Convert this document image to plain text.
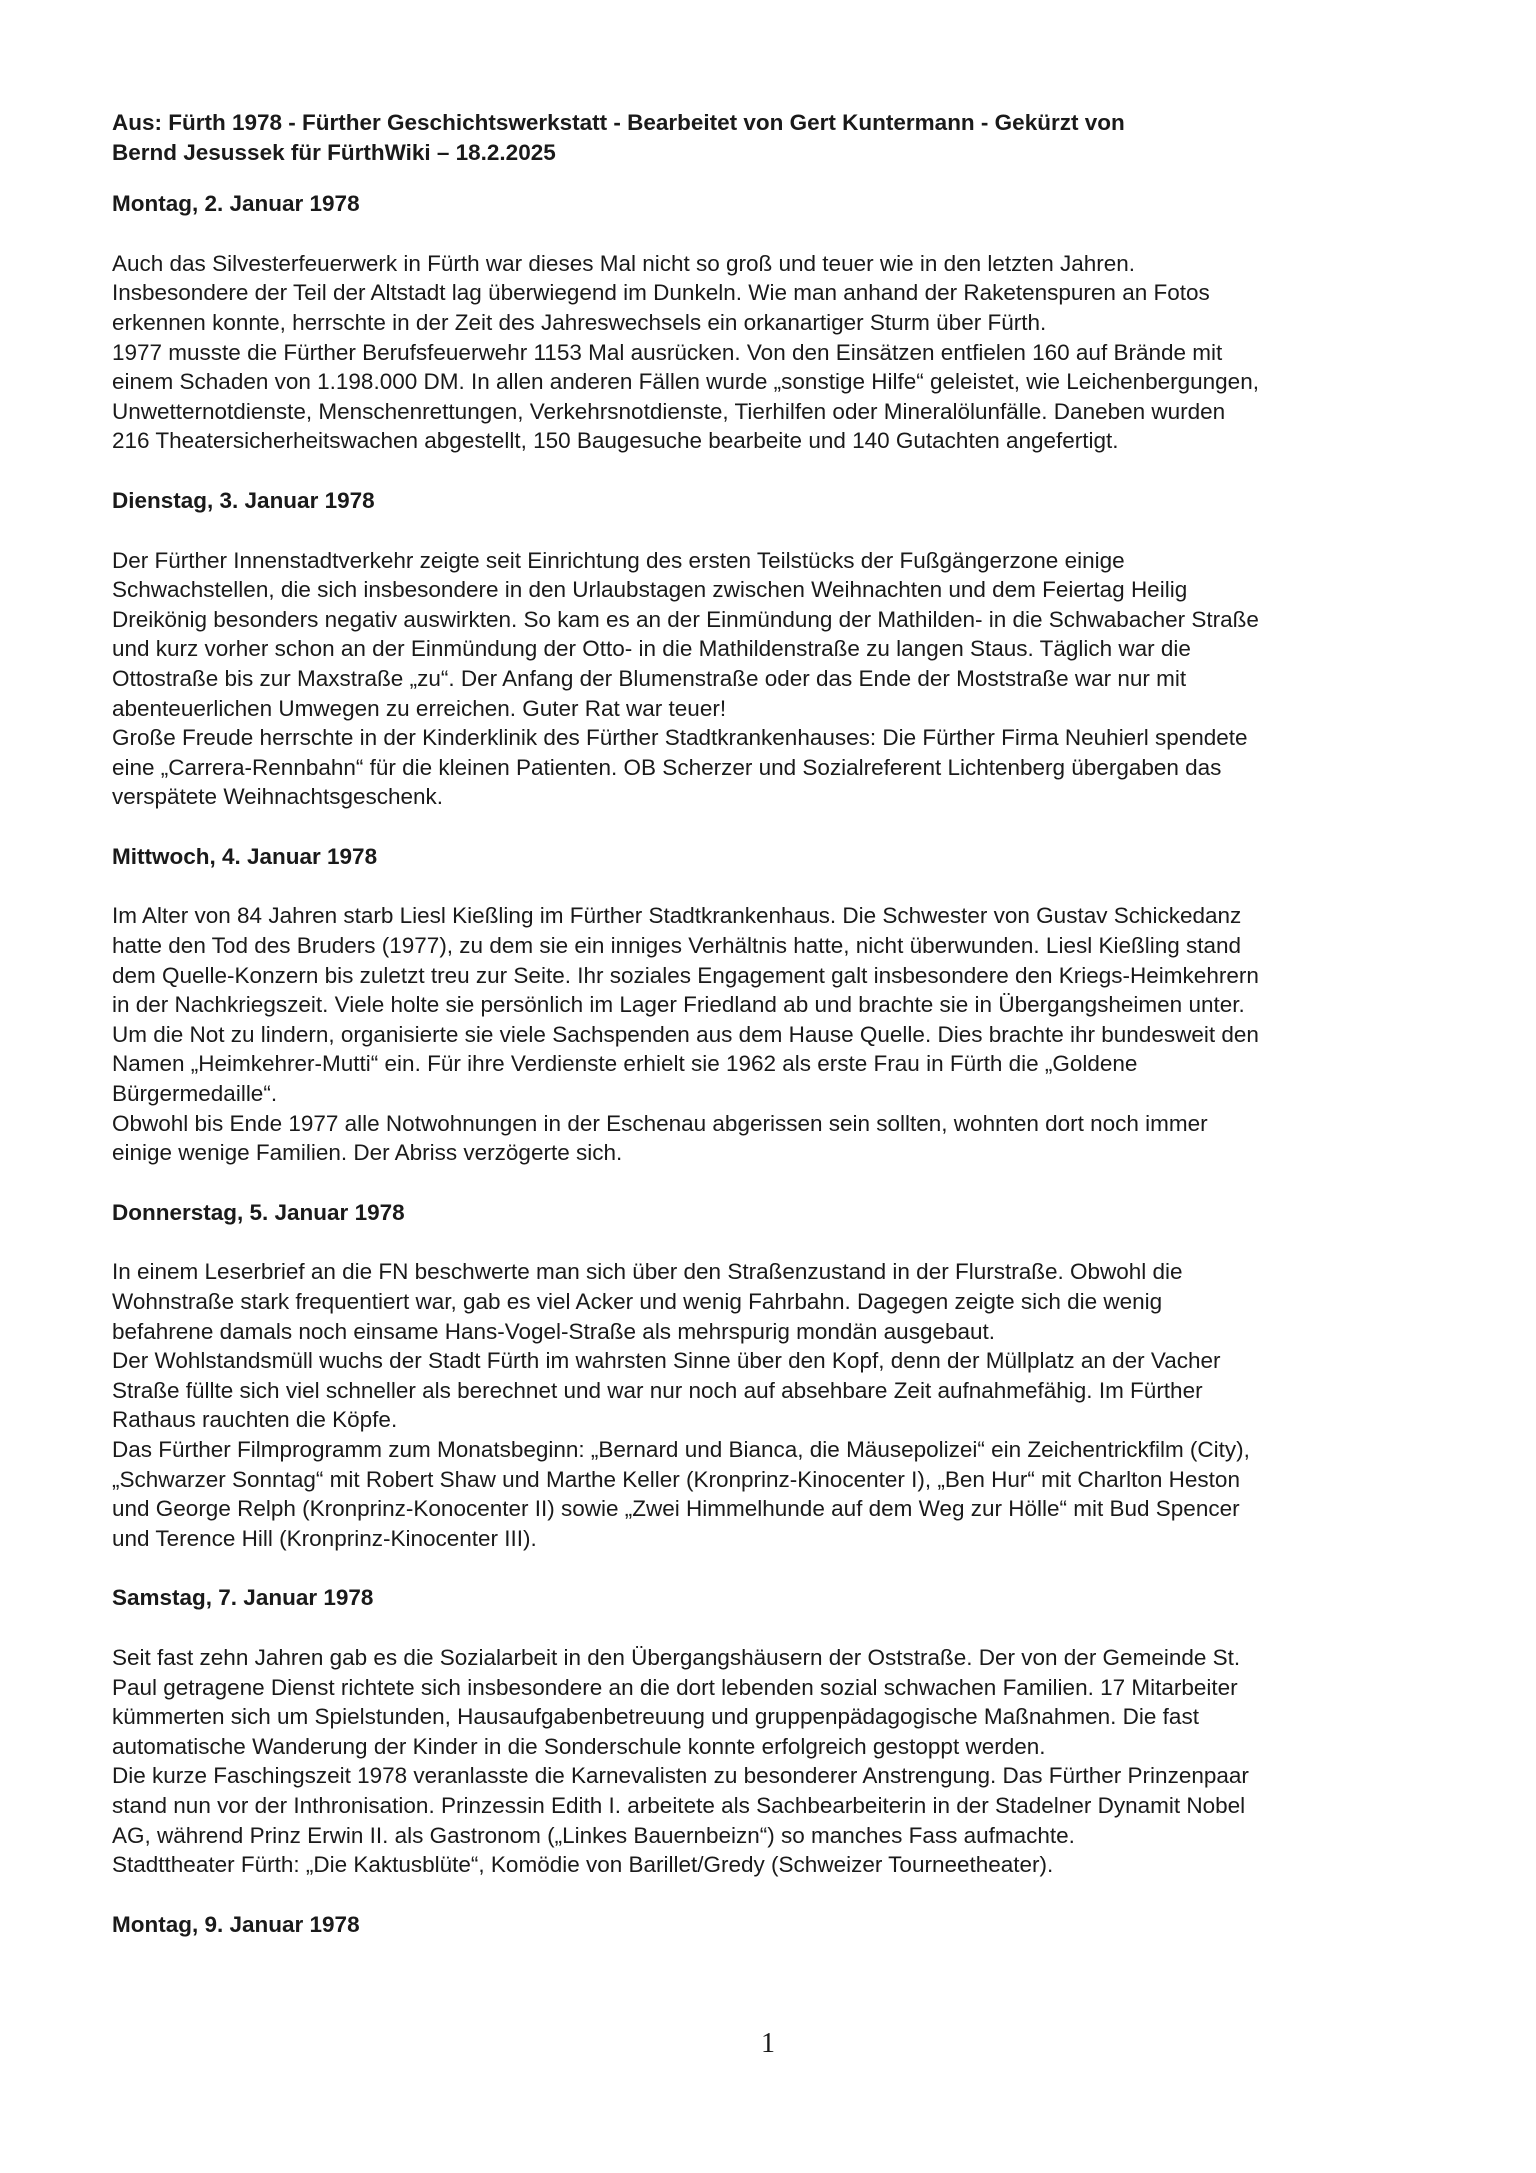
Aus: Fürth 1978 - Fürther Geschichtswerkstatt - Bearbeitet von Gert Kuntermann - Gekürzt von
Bernd Jesussek für FürthWiki – 18.2.2025
Montag, 2. Januar 1978
Auch das Silvesterfeuerwerk in Fürth war dieses Mal nicht so groß und teuer wie in den letzten Jahren.
Insbesondere der Teil der Altstadt lag überwiegend im Dunkeln. Wie man anhand der Raketenspuren an Fotos
erkennen konnte, herrschte in der Zeit des Jahreswechsels ein orkanartiger Sturm über Fürth.
1977 musste die Fürther Berufsfeuerwehr 1153 Mal ausrücken. Von den Einsätzen entfielen 160 auf Brände mit
einem Schaden von 1.198.000 DM. In allen anderen Fällen wurde „sonstige Hilfe“ geleistet, wie Leichenbergungen,
Unwetternotdienste, Menschenrettungen, Verkehrsnotdienste, Tierhilfen oder Mineralölunfälle. Daneben wurden
216 Theatersicherheitswachen abgestellt, 150 Baugesuche bearbeite und 140 Gutachten angefertigt.
Dienstag, 3. Januar 1978
Der Fürther Innenstadtverkehr zeigte seit Einrichtung des ersten Teilstücks der Fußgängerzone einige
Schwachstellen, die sich insbesondere in den Urlaubstagen zwischen Weihnachten und dem Feiertag Heilig
Dreikönig besonders negativ auswirkten. So kam es an der Einmündung der Mathilden- in die Schwabacher Straße
und kurz vorher schon an der Einmündung der Otto- in die Mathildenstraße zu langen Staus. Täglich war die
Ottostraße bis zur Maxstraße „zu“. Der Anfang der Blumenstraße oder das Ende der Moststraße war nur mit
abenteuerlichen Umwegen zu erreichen. Guter Rat war teuer!
Große Freude herrschte in der Kinderklinik des Fürther Stadtkrankenhauses: Die Fürther Firma Neuhierl spendete
eine „Carrera-Rennbahn“ für die kleinen Patienten. OB Scherzer und Sozialreferent Lichtenberg übergaben das
verspätete Weihnachtsgeschenk.
Mittwoch, 4. Januar 1978
Im Alter von 84 Jahren starb Liesl Kießling im Fürther Stadtkrankenhaus. Die Schwester von Gustav Schickedanz
hatte den Tod des Bruders (1977), zu dem sie ein inniges Verhältnis hatte, nicht überwunden. Liesl Kießling stand
dem Quelle-Konzern bis zuletzt treu zur Seite. Ihr soziales Engagement galt insbesondere den Kriegs-Heimkehrern
in der Nachkriegszeit. Viele holte sie persönlich im Lager Friedland ab und brachte sie in Übergangsheimen unter.
Um die Not zu lindern, organisierte sie viele Sachspenden aus dem Hause Quelle. Dies brachte ihr bundesweit den
Namen „Heimkehrer-Mutti“ ein. Für ihre Verdienste erhielt sie 1962 als erste Frau in Fürth die „Goldene
Bürgermedaille“.
Obwohl bis Ende 1977 alle Notwohnungen in der Eschenau abgerissen sein sollten, wohnten dort noch immer
einige wenige Familien. Der Abriss verzögerte sich.
Donnerstag, 5. Januar 1978
In einem Leserbrief an die FN beschwerte man sich über den Straßenzustand in der Flurstraße. Obwohl die
Wohnstraße stark frequentiert war, gab es viel Acker und wenig Fahrbahn. Dagegen zeigte sich die wenig
befahrene damals noch einsame Hans-Vogel-Straße als mehrspurig mondän ausgebaut.
Der Wohlstandsmüll wuchs der Stadt Fürth im wahrsten Sinne über den Kopf, denn der Müllplatz an der Vacher
Straße füllte sich viel schneller als berechnet und war nur noch auf absehbare Zeit aufnahmefähig. Im Fürther
Rathaus rauchten die Köpfe.
Das Fürther Filmprogramm zum Monatsbeginn: „Bernard und Bianca, die Mäusepolizei“ ein Zeichentrickfilm (City),
„Schwarzer Sonntag“ mit Robert Shaw und Marthe Keller (Kronprinz-Kinocenter I), „Ben Hur“ mit Charlton Heston
und George Relph (Kronprinz-Konocenter II) sowie „Zwei Himmelhunde auf dem Weg zur Hölle“ mit Bud Spencer
und Terence Hill (Kronprinz-Kinocenter III).
Samstag, 7. Januar 1978
Seit fast zehn Jahren gab es die Sozialarbeit in den Übergangshäusern der Oststraße. Der von der Gemeinde St.
Paul getragene Dienst richtete sich insbesondere an die dort lebenden sozial schwachen Familien. 17 Mitarbeiter
kümmerten sich um Spielstunden, Hausaufgabenbetreuung und gruppenpädagogische Maßnahmen. Die fast
automatische Wanderung der Kinder in die Sonderschule konnte erfolgreich gestoppt werden.
Die kurze Faschingszeit 1978 veranlasste die Karnevalisten zu besonderer Anstrengung. Das Fürther Prinzenpaar
stand nun vor der Inthronisation. Prinzessin Edith I. arbeitete als Sachbearbeiterin in der Stadelner Dynamit Nobel
AG, während Prinz Erwin II. als Gastronom („Linkes Bauernbeizn“) so manches Fass aufmachte.
Stadttheater Fürth: „Die Kaktusblüte“, Komödie von Barillet/Gredy (Schweizer Tourneetheater).
Montag, 9. Januar 1978
1
